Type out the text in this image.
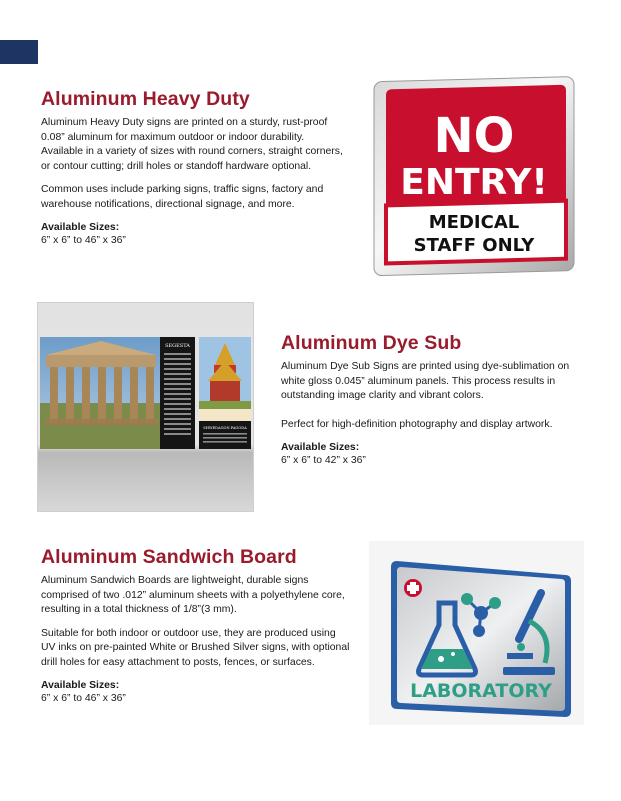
Aluminum Heavy Duty

Aluminum Heavy Duty signs are printed on a sturdy, rust-proof 0.08” aluminum for maximum outdoor or indoor durability. Available in a variety of sizes with round corners, straight corners, or contour cutting; drill holes or standoff hardware optional.

Common uses include parking signs, traffic signs, factory and warehouse notifications, directional signage, and more.

Available Sizes:
6” x 6” to 46” x 36”
NO
ENTRY!
MEDICAL
STAFF ONLY
SEGESTA
SHWEDAGON PAGODA
Aluminum Dye Sub

Aluminum Dye Sub Signs are printed using dye-sublimation on white gloss 0.045” aluminum panels. This process results in outstanding image clarity and vibrant colors.

Perfect for high-definition photography and display artwork.

Available Sizes:
6” x 6” to 42” x 36”
Aluminum Sandwich Board

Aluminum Sandwich Boards are lightweight, durable signs comprised of two .012” aluminum sheets with a polyethylene core, resulting in a total thickness of 1/8”(3 mm).

Suitable for both indoor or outdoor use, they are produced using UV inks on pre-painted White or Brushed Silver signs, with optional drill holes for easy attachment to posts, fences, or surfaces.

Available Sizes:
6” x 6” to 46” x 36”	LABORATORY
